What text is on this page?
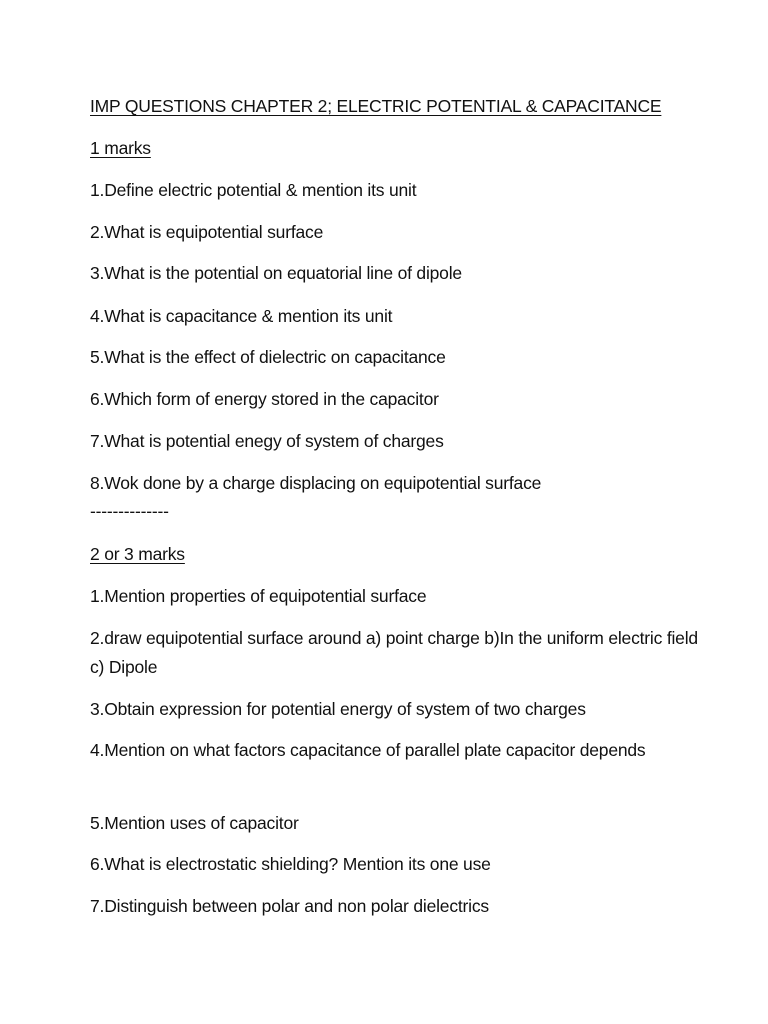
IMP QUESTIONS CHAPTER 2; ELECTRIC POTENTIAL & CAPACITANCE
1 marks
1.Define electric potential & mention its unit
2.What is equipotential surface
3.What is the potential on equatorial line of dipole
4.What is capacitance & mention its unit
5.What is the effect of dielectric on capacitance
6.Which form of energy stored in the capacitor
7.What is potential enegy of system of charges
8.Wok done by a charge displacing on equipotential surface
--------------
2 or 3 marks
1.Mention properties of equipotential surface
2.draw equipotential surface around a) point charge b)In the uniform electric field c) Dipole
3.Obtain expression for potential energy of system of two charges
4.Mention on what factors capacitance of parallel plate capacitor depends
5.Mention uses of capacitor
6.What is electrostatic shielding? Mention its one use
7.Distinguish between polar and non polar dielectrics
